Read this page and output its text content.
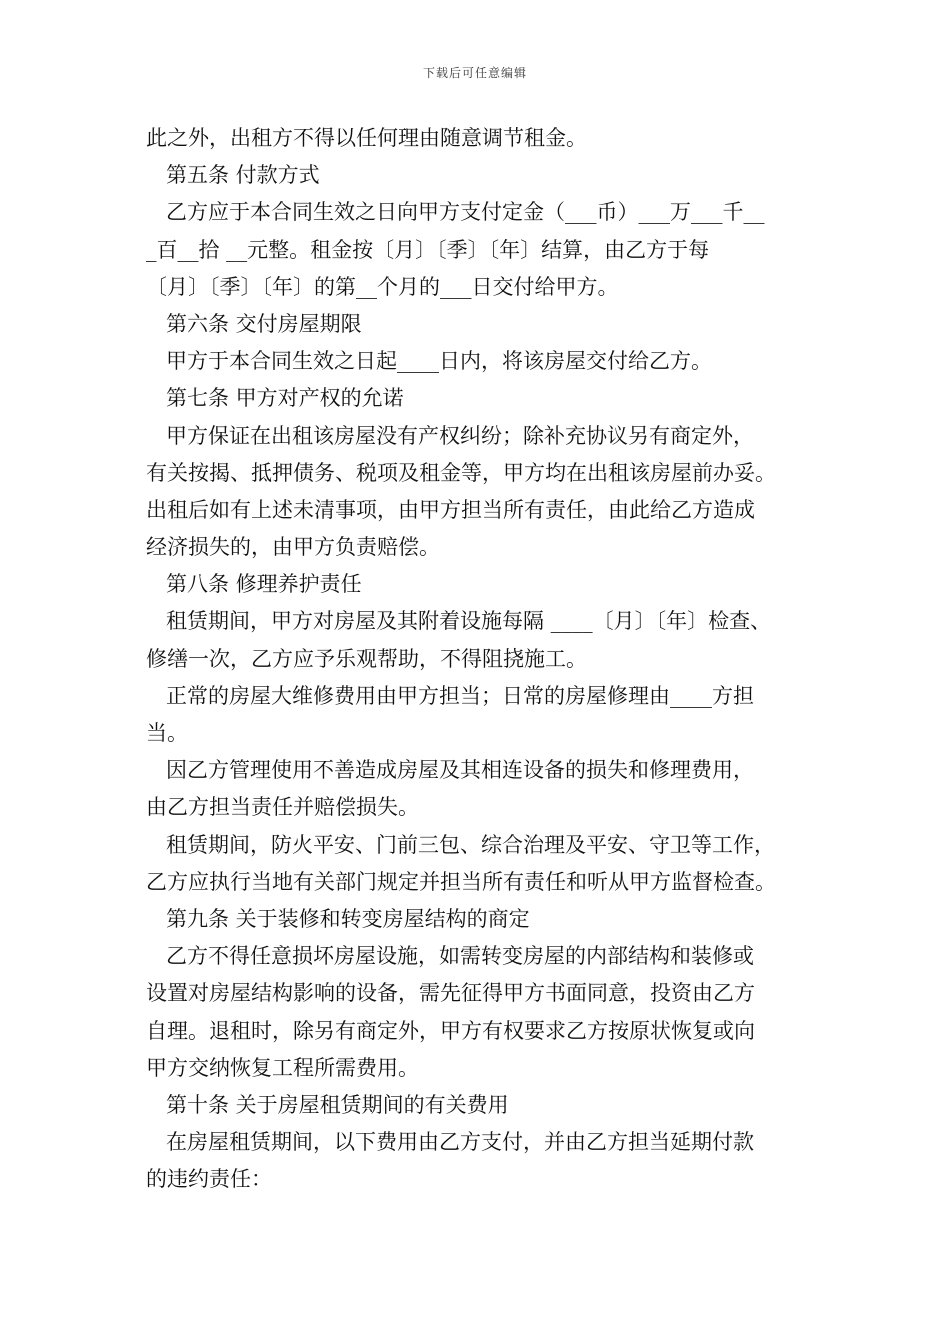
下载后可任意编辑
此之外，出租方不得以任何理由随意调节租金。
第五条 付款方式
乙方应于本合同生效之日向甲方支付定金（___币）___万___千__
_百__拾 __元整。租金按〔月〕〔季〕〔年〕结算，由乙方于每
〔月〕〔季〕〔年〕的第__个月的___日交付给甲方。
第六条 交付房屋期限
甲方于本合同生效之日起____日内，将该房屋交付给乙方。
第七条 甲方对产权的允诺
甲方保证在出租该房屋没有产权纠纷；除补充协议另有商定外，
有关按揭、抵押债务、税项及租金等，甲方均在出租该房屋前办妥。
出租后如有上述未清事项，由甲方担当所有责任，由此给乙方造成
经济损失的，由甲方负责赔偿。
第八条 修理养护责任
租赁期间，甲方对房屋及其附着设施每隔 ____〔月〕〔年〕检查、
修缮一次，乙方应予乐观帮助，不得阻挠施工。
正常的房屋大维修费用由甲方担当；日常的房屋修理由____方担
当。
因乙方管理使用不善造成房屋及其相连设备的损失和修理费用，
由乙方担当责任并赔偿损失。
租赁期间，防火平安、门前三包、综合治理及平安、守卫等工作，
乙方应执行当地有关部门规定并担当所有责任和听从甲方监督检查。
第九条 关于装修和转变房屋结构的商定
乙方不得任意损坏房屋设施，如需转变房屋的内部结构和装修或
设置对房屋结构影响的设备，需先征得甲方书面同意，投资由乙方
自理。退租时，除另有商定外，甲方有权要求乙方按原状恢复或向
甲方交纳恢复工程所需费用。
第十条 关于房屋租赁期间的有关费用
在房屋租赁期间，以下费用由乙方支付，并由乙方担当延期付款
的违约责任：
